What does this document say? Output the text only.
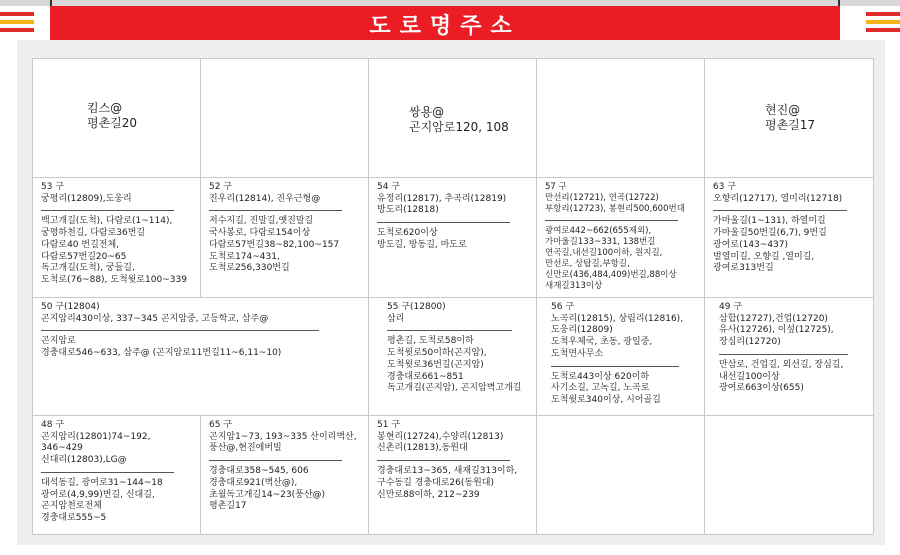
도로명주소
킴스@
평촌길20
쌍용@
곤지암로120, 108
현진@
평촌길17
53 구
궁평리(12809),도웅리
백고개길(도척), 다람로(1~114),
궁평하천길, 다람로36번길
다람로40 번길전체,
다람로57번길20~65
독고개길(도척), 궁들길,
도척로(76~88), 도척윗로100~339
52 구
진우리(12814), 진우근형@
저수지길, 진말길,옛진말길
국사봉로, 다람로154이상
다람로57번길38~82,100~157
도척로174~431,
도척로256,330번길
54 구
유정리(12817), 추곡리(12819)
방도리(12818)
도척로620이상
방도길, 방동길, 마도로
57 구
만선리(12721), 연곡(12722)
부항리(12723), 봉현리500,600번대
광여로442~662(655제외),
가마울길133~331, 138번길
연곡길,내선길100이하, 원지길,
만선로, 상탑길,부항길,
신만로(436,484,409)번길,88이상
새재길313이상
63 구
오향리(12717), 열미리(12718)
가마울길(1~131), 하열미길
가마울길50번길(6,7), 9번길
광여로(143~437)
벌열미길, 오향길 ,열미길,
광여로313번길
50 구(12804)
곤지암리430이상, 337~345 곤지암중, 고등학교, 삼주@
곤지암로
경충대로546~633, 삼주@ (곤지암로11번길11~6,11~10)
55 구(12800)
삼리
평촌길, 도척로58이하
도척윗로50이하(곤지암),
도척윗로36번길(곤지암)
경충대로661~851
독고개길(곤지암), 곤지암벽고개길
56 구
노곡리(12815), 상림리(12816),
도웅리(12809)
도척우체국, 초동, 광일중,
도척면사무소
도척로443이상 620이하
사기소길, 고녹길, 노곡로
도척윗로340이상, 시어골길
49 구
삼합(12727),건업(12720)
유사(12726), 이섶(12725),
장심리(12720)
만삼로, 건업길, 외선길, 장심길,
내선길100이상
광여로663이상(655)
48 구
곤지암리(12801)74~192,
346~429
신대리(12803),LG@
대석동길, 광여로31~144~18
광여로(4,9,99)번길, 신대길,
곤지암천로전체
경충대로555~5
65 구
곤지암1~73, 193~335 산이리벽산,
풍산@,현진에버빌
경충대로358~545, 606
경충대로921(벽산@),
초월독고개길14~23(풍산@)
평촌길17
51 구
봉현리(12724),수양리(12813)
신촌리(12813),동원대
경충대로13~365, 새재길313이하,
구수동길 경충대로26(동원대)
신만로88이하, 212~239
